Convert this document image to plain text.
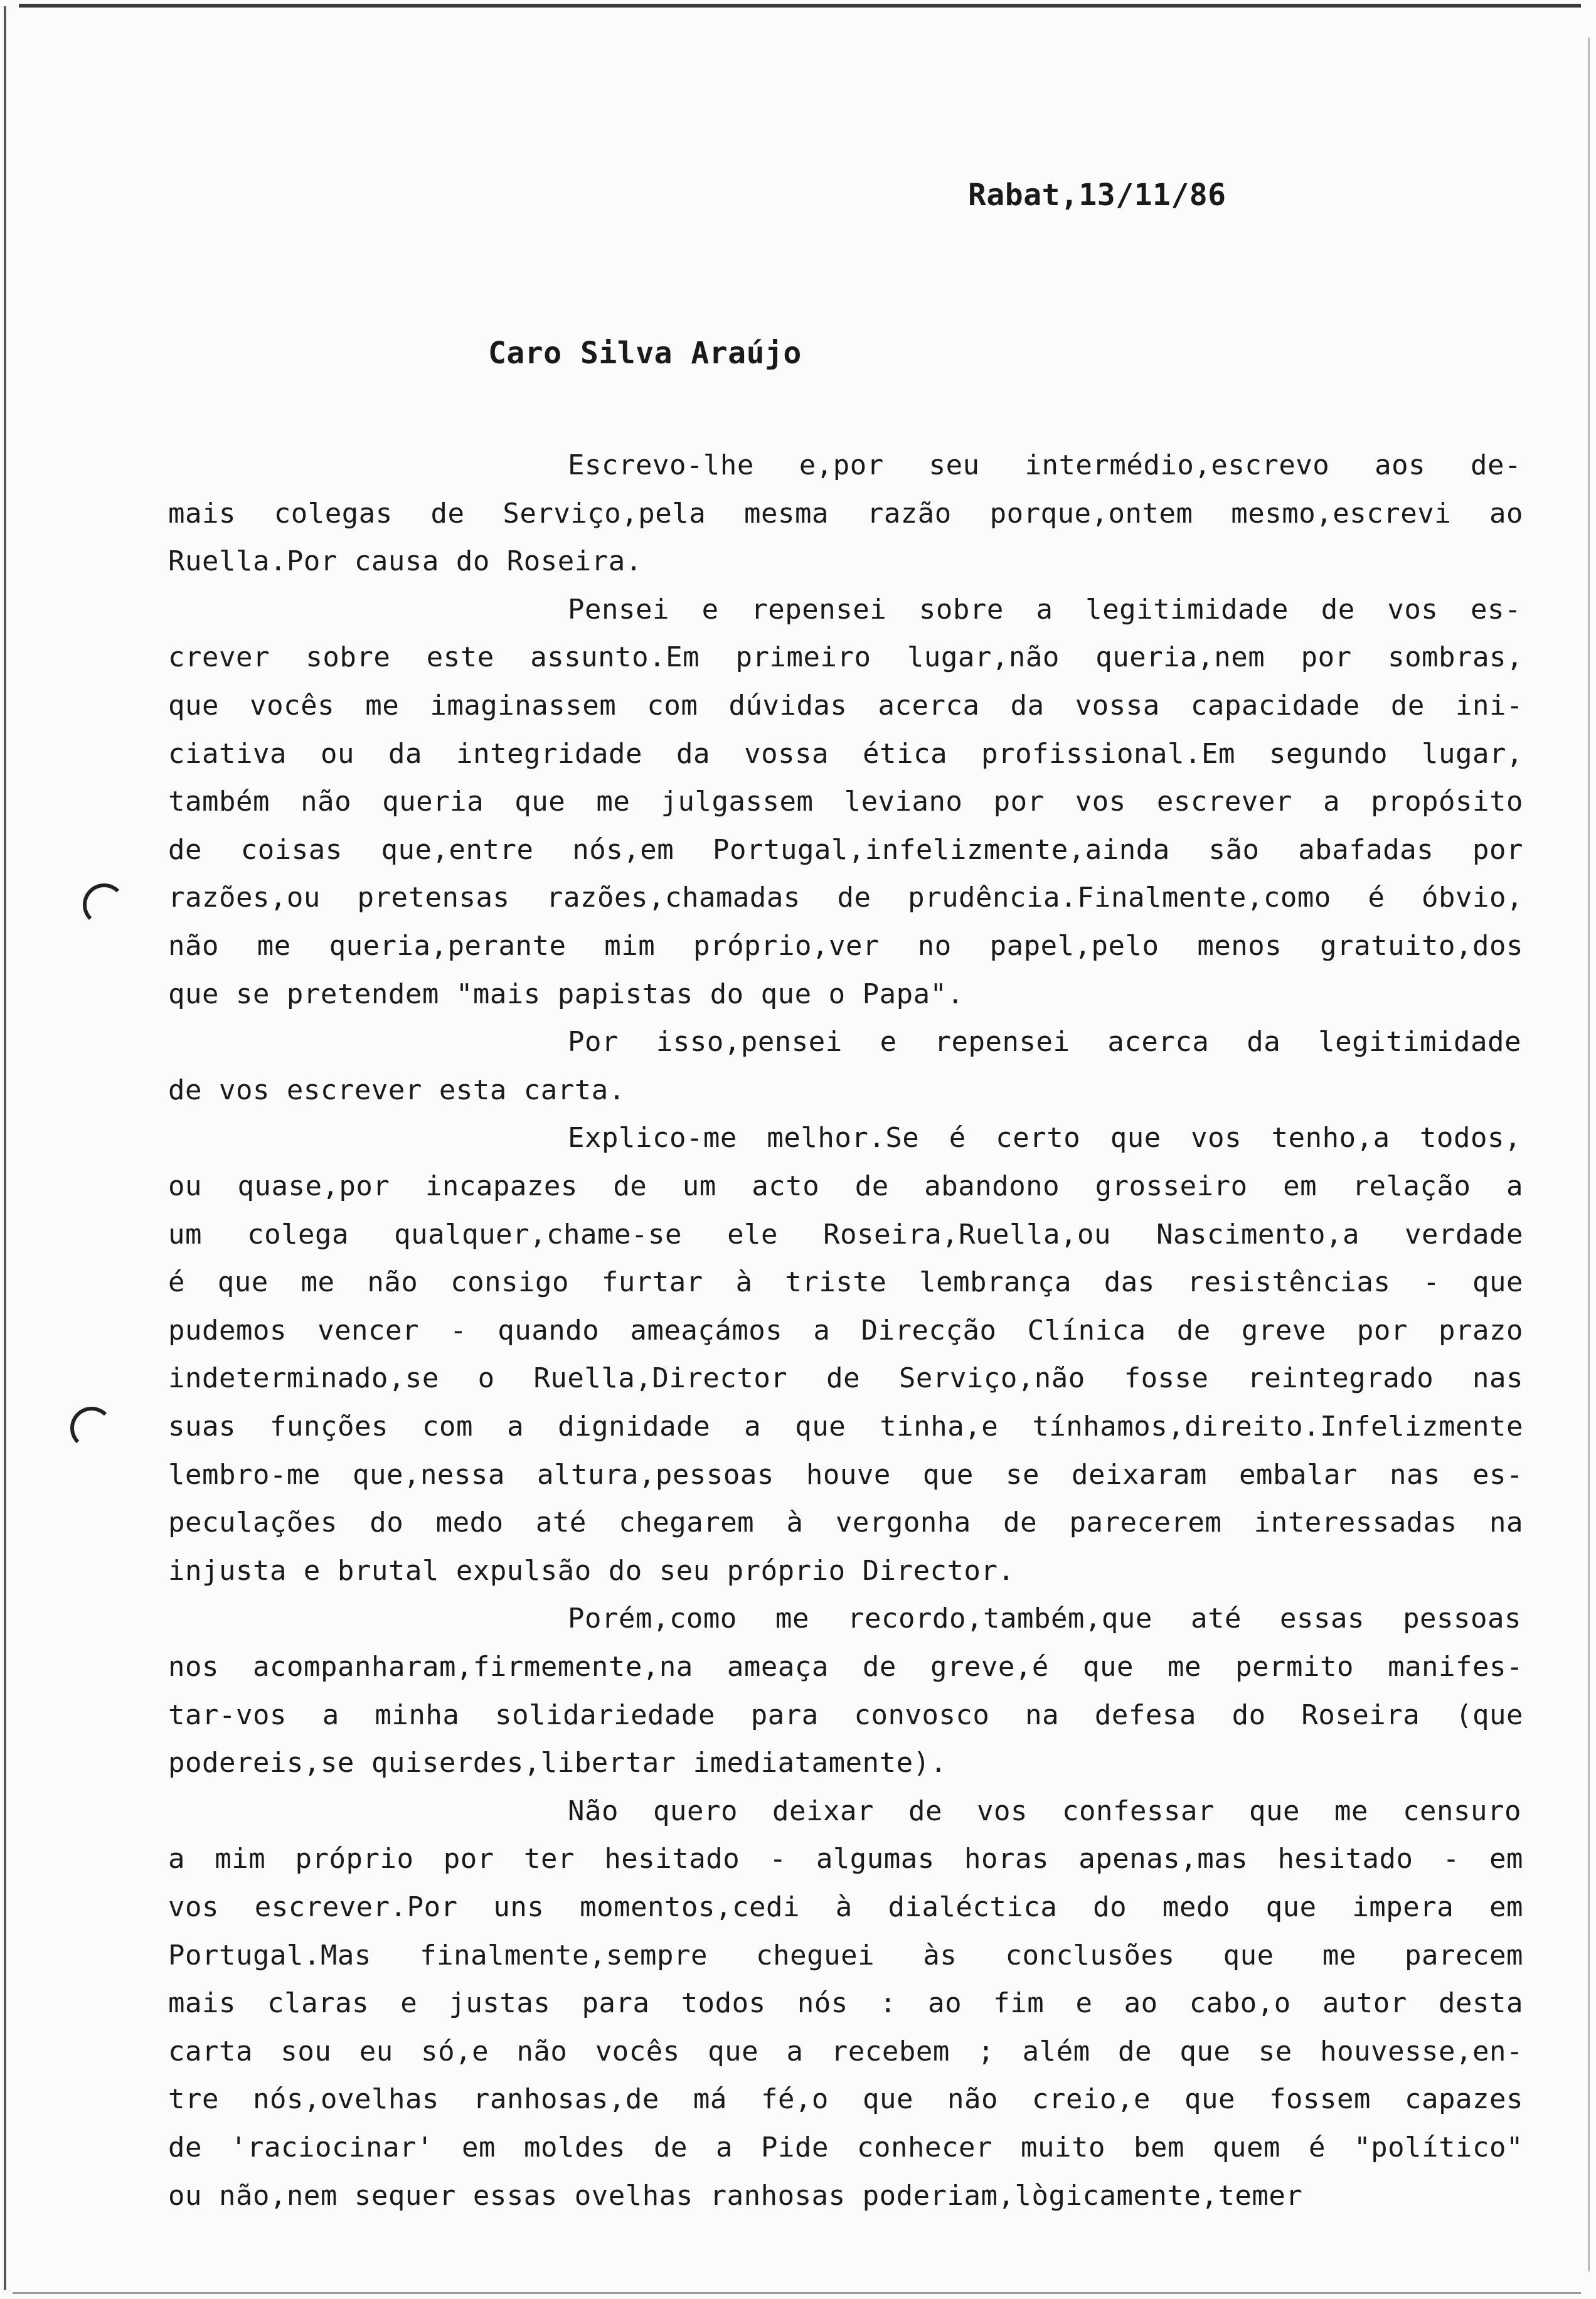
Rabat,13/11/86
Caro Silva Araújo
Escrevo-lhe e,por seu intermédio,escrevo aos de-
mais colegas de Serviço,pela mesma razão porque,ontem mesmo,escrevi ao
Ruella.Por causa do Roseira.
Pensei e repensei sobre a legitimidade de vos es-
crever sobre este assunto.Em primeiro lugar,não queria,nem por sombras,
que vocês me imaginassem com dúvidas acerca da vossa capacidade de ini-
ciativa ou da integridade da vossa ética profissional.Em segundo lugar,
também não queria que me julgassem leviano por vos escrever a propósito
de coisas que,entre nós,em Portugal,infelizmente,ainda são abafadas por
razões,ou pretensas razões,chamadas de prudência.Finalmente,como é óbvio,
não me queria,perante mim próprio,ver no papel,pelo menos gratuito,dos
que se pretendem "mais papistas do que o Papa".
Por isso,pensei e repensei acerca da legitimidade
de vos escrever esta carta.
Explico-me melhor.Se é certo que vos tenho,a todos,
ou quase,por incapazes de um acto de abandono grosseiro em relação a
um colega qualquer,chame-se ele Roseira,Ruella,ou Nascimento,a verdade
é que me não consigo furtar à triste lembrança das resistências - que
pudemos vencer - quando ameaçámos a Direcção Clínica de greve por prazo
indeterminado,se o Ruella,Director de Serviço,não fosse reintegrado nas
suas funções com a dignidade a que tinha,e tínhamos,direito.Infelizmente
lembro-me que,nessa altura,pessoas houve que se deixaram embalar nas es-
peculações do medo até chegarem à vergonha de parecerem interessadas na
injusta e brutal expulsão do seu próprio Director.
Porém,como me recordo,também,que até essas pessoas
nos acompanharam,firmemente,na ameaça de greve,é que me permito manifes-
tar-vos a minha solidariedade para convosco na defesa do Roseira (que
podereis,se quiserdes,libertar imediatamente).
Não quero deixar de vos confessar que me censuro
a mim próprio por ter hesitado - algumas horas apenas,mas hesitado - em
vos escrever.Por uns momentos,cedi à dialéctica do medo que impera em
Portugal.Mas finalmente,sempre cheguei às conclusões que me parecem
mais claras e justas para todos nós : ao fim e ao cabo,o autor desta
carta sou eu só,e não vocês que a recebem ; além de que se houvesse,en-
tre nós,ovelhas ranhosas,de má fé,o que não creio,e que fossem capazes
de 'raciocinar' em moldes de a Pide conhecer muito bem quem é "político"
ou não,nem sequer essas ovelhas ranhosas poderiam,lògicamente,temer
